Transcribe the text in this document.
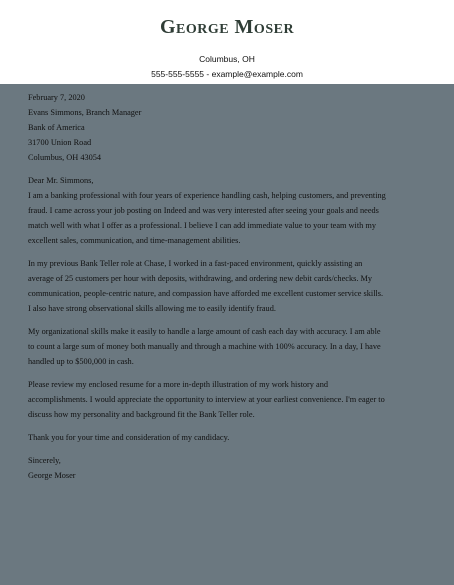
George Moser
Columbus, OH
555-555-5555 - example@example.com

February 7, 2020

Evans Simmons, Branch Manager

Bank of America

31700 Union Road

Columbus, OH 43054

Dear Mr. Simmons,

I am a banking professional with four years of experience handling cash, helping customers, and preventing

fraud. I came across your job posting on Indeed and was very interested after seeing your goals and needs

match well with what I offer as a professional. I believe I can add immediate value to your team with my

excellent sales, communication, and time-management abilities.

In my previous Bank Teller role at Chase, I worked in a fast-paced environment, quickly assisting an

average of 25 customers per hour with deposits, withdrawing, and ordering new debit cards/checks. My

communication, people-centric nature, and compassion have afforded me excellent customer service skills.

I also have strong observational skills allowing me to easily identify fraud.

My organizational skills make it easily to handle a large amount of cash each day with accuracy. I am able

to count a large sum of money both manually and through a machine with 100% accuracy. In a day, I have

handled up to $500,000 in cash.

Please review my enclosed resume for a more in-depth illustration of my work history and

accomplishments. I would appreciate the opportunity to interview at your earliest convenience. I'm eager to

discuss how my personality and background fit the Bank Teller role.

Thank you for your time and consideration of my candidacy.

Sincerely,

George Moser
